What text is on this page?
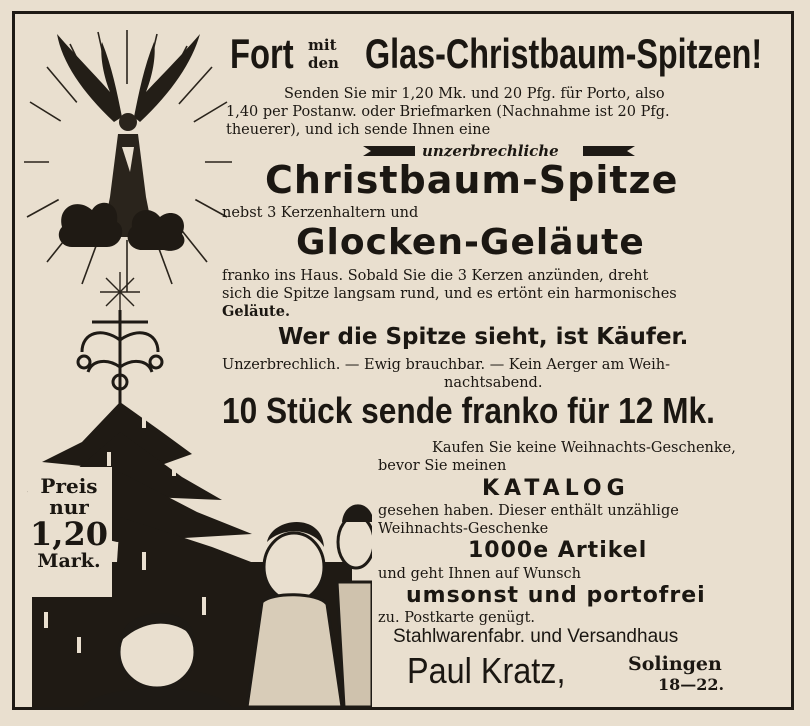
Preis
nur
1,20
Mark.
Fort mit
den Glas-Christbaum-Spitzen!
Senden Sie mir 1,20 Mk. und 20 Pfg. für Porto, also
1,40 per Postanw. oder Briefmarken (Nachnahme ist 20 Pfg.
theuerer), und ich sende Ihnen eine
unzerbrechliche
Christbaum-Spitze
nebst 3 Kerzenhaltern und
Glocken-Geläute
franko ins Haus. Sobald Sie die 3 Kerzen anzünden, dreht
sich die Spitze langsam rund, und es ertönt ein harmonisches
Geläute.
Wer die Spitze sieht, ist Käufer.
Unzerbrechlich. — Ewig brauchbar. — Kein Aerger am Weih-
nachtsabend.
10 Stück sende franko für 12 Mk.
Kaufen Sie keine Weihnachts-Geschenke,
bevor Sie meinen
KATALOG
gesehen haben. Dieser enthält unzählige
Weihnachts-Geschenke
1000e Artikel
und geht Ihnen auf Wunsch
umsonst und portofrei
zu. Postkarte genügt.
Stahlwarenfabr. und Versandhaus
Paul Kratz,	Solingen
18—22.
